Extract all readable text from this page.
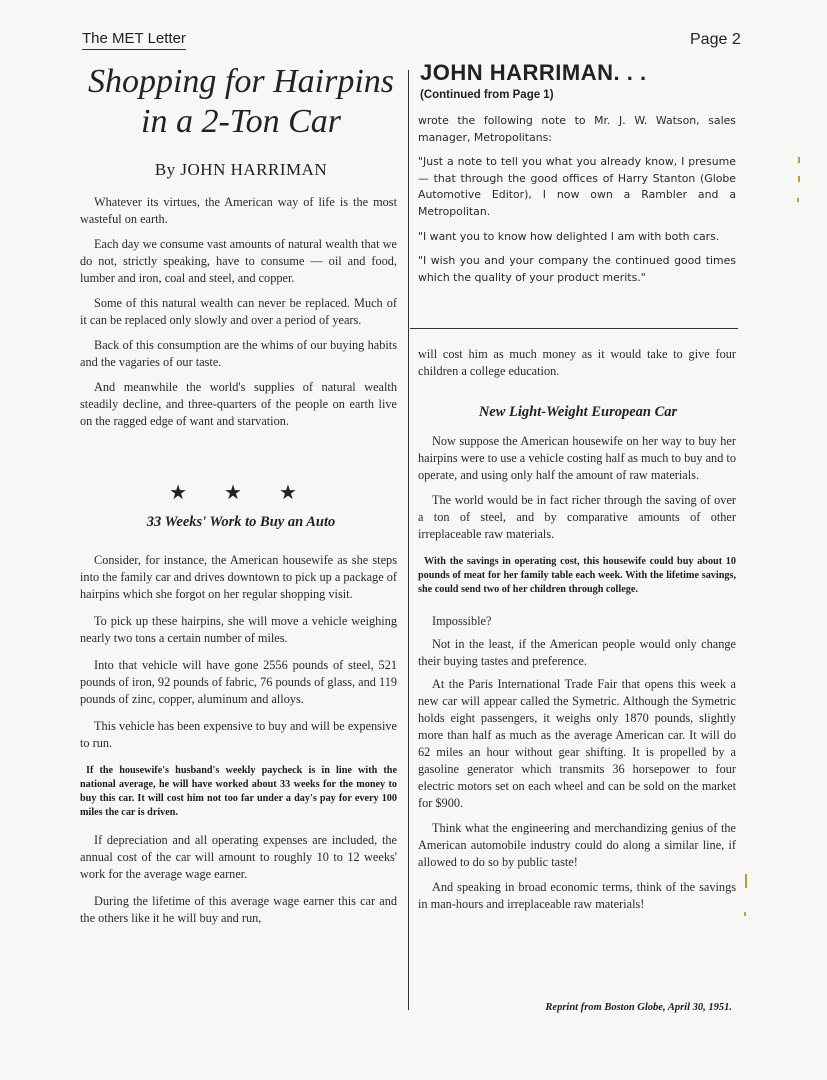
The MET Letter	Page 2
Shopping for Hairpins
in a 2-Ton Car
By JOHN HARRIMAN

Whatever its virtues, the American way of life is the most wasteful on earth.

Each day we consume vast amounts of natural wealth that we do not, strictly speaking, have to consume — oil and food, lumber and iron, coal and steel, and copper.

Some of this natural wealth can never be replaced. Much of it can be replaced only slowly and over a period of years.

Back of this consumption are the whims of our buying habits and the vagaries of our taste.

And meanwhile the world's supplies of natural wealth steadily decline, and three-quarters of the people on earth live on the ragged edge of want and starvation.

★ ★ ★
33 Weeks' Work to Buy an Auto

Consider, for instance, the American housewife as she steps into the family car and drives downtown to pick up a package of hairpins which she forgot on her regular shopping visit.

To pick up these hairpins, she will move a vehicle weighing nearly two tons a certain number of miles.

Into that vehicle will have gone 2556 pounds of steel, 521 pounds of iron, 92 pounds of fabric, 76 pounds of glass, and 119 pounds of zinc, copper, aluminum and alloys.

This vehicle has been expensive to buy and will be expensive to run.

If the housewife's husband's weekly paycheck is in line with the national average, he will have worked about 33 weeks for the money to buy this car. It will cost him not too far under a day's pay for every 100 miles the car is driven.

If depreciation and all operating expenses are included, the annual cost of the car will amount to roughly 10 to 12 weeks' work for the average wage earner.

During the lifetime of this average wage earner this car and the others like it he will buy and run,

JOHN HARRIMAN. . .
(Continued from Page 1)

wrote the following note to Mr. J. W. Watson, sales manager, Metropolitans:

"Just a note to tell you what you already know, I presume — that through the good offices of Harry Stanton (Globe Automotive Editor), I now own a Rambler and a Metropolitan.

"I want you to know how delighted I am with both cars.

"I wish you and your company the continued good times which the quality of your product merits."

will cost him as much money as it would take to give four children a college education.

New Light-Weight European Car

Now suppose the American housewife on her way to buy her hairpins were to use a vehicle costing half as much to buy and to operate, and using only half the amount of raw materials.

The world would be in fact richer through the saving of over a ton of steel, and by comparative amounts of other irreplaceable raw materials.

With the savings in operating cost, this housewife could buy about 10 pounds of meat for her family table each week. With the lifetime savings, she could send two of her children through college.

Impossible?

Not in the least, if the American people would only change their buying tastes and preference.

At the Paris International Trade Fair that opens this week a new car will appear called the Symetric. Although the Symetric holds eight passengers, it weighs only 1870 pounds, slightly more than half as much as the average American car. It will do 62 miles an hour without gear shifting. It is propelled by a gasoline generator which transmits 36 horsepower to four electric motors set on each wheel and can be sold on the market for $900.

Think what the engineering and merchandizing genius of the American automobile industry could do along a similar line, if allowed to do so by public taste!

And speaking in broad economic terms, think of the savings in man-hours and irreplaceable raw materials!

Reprint from Boston Globe, April 30, 1951.
